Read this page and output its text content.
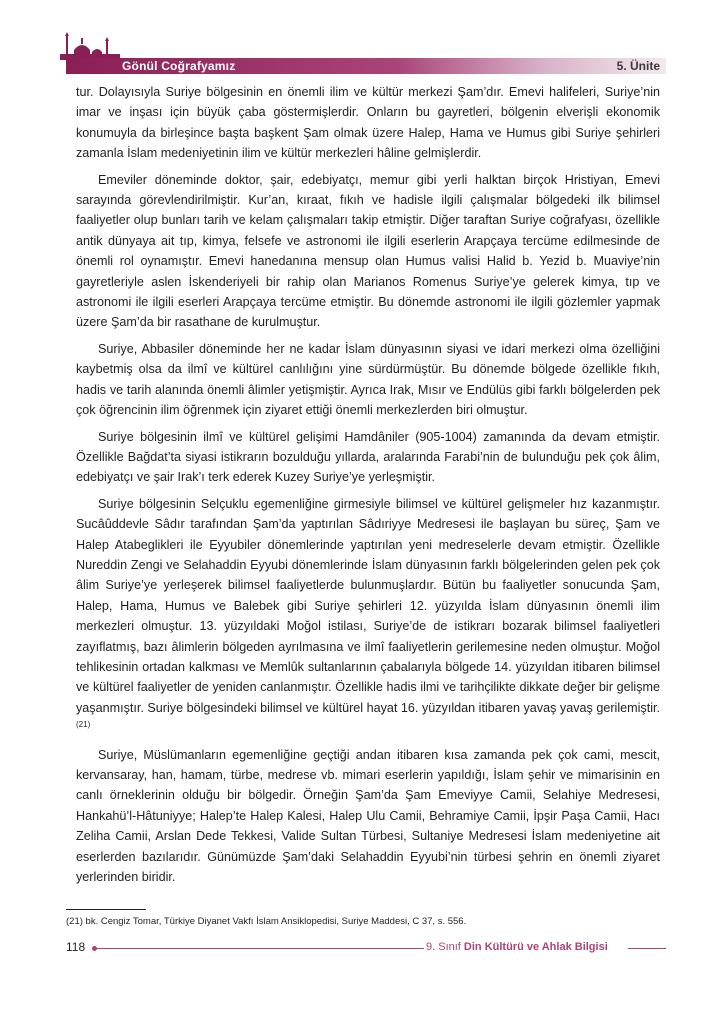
Gönül Coğrafyamız	5. Ünite

tur. Dolayısıyla Suriye bölgesinin en önemli ilim ve kültür merkezi Şam’dır. Emevi halifeleri, Suriye’nin imar ve inşası için büyük çaba göstermişlerdir. Onların bu gayretleri, bölgenin elverişli ekonomik konumuyla da birleşince başta başkent Şam olmak üzere Halep, Hama ve Humus gibi Suriye şehirleri zamanla İslam medeniyetinin ilim ve kültür merkezleri hâline gelmişlerdir.

Emeviler döneminde doktor, şair, edebiyatçı, memur gibi yerli halktan birçok Hristiyan, Emevi sarayında görevlendirilmiştir. Kur’an, kıraat, fıkıh ve hadisle ilgili çalışmalar bölgedeki ilk bilimsel faaliyetler olup bunları tarih ve kelam çalışmaları takip etmiştir. Diğer taraftan Suriye coğrafyası, özellikle antik dünyaya ait tıp, kimya, felsefe ve astronomi ile ilgili eserlerin Arapçaya tercüme edilmesinde de önemli rol oynamıştır. Emevi hanedanına mensup olan Humus valisi Halid b. Yezid b. Muaviye’nin gayretleriyle aslen İskenderiyeli bir rahip olan Marianos Romenus Suriye’ye gelerek kimya, tıp ve astronomi ile ilgili eserleri Arapçaya tercüme etmiştir. Bu dönemde astronomi ile ilgili gözlemler yapmak üzere Şam’da bir rasathane de kurulmuştur.

Suriye, Abbasiler döneminde her ne kadar İslam dünyasının siyasi ve idari merkezi olma özelliğini kaybetmiş olsa da ilmî ve kültürel canlılığını yine sürdürmüştür. Bu dönemde bölgede özellikle fıkıh, hadis ve tarih alanında önemli âlimler yetişmiştir. Ayrıca Irak, Mısır ve Endülüs gibi farklı bölgelerden pek çok öğrencinin ilim öğrenmek için ziyaret ettiği önemli merkezlerden biri olmuştur.

Suriye bölgesinin ilmî ve kültürel gelişimi Hamdâniler (905-1004) zamanında da devam etmiştir. Özellikle Bağdat’ta siyasi istikrarın bozulduğu yıllarda, aralarında Farabi’nin de bulunduğu pek çok âlim, edebiyatçı ve şair Irak’ı terk ederek Kuzey Suriye’ye yerleşmiştir.

Suriye bölgesinin Selçuklu egemenliğine girmesiyle bilimsel ve kültürel gelişmeler hız kazanmıştır. Sucâûddevle Sâdır tarafından Şam’da yaptırılan Sâdıriyye Medresesi ile başlayan bu süreç, Şam ve Halep Atabeglikleri ile Eyyubiler dönemlerinde yaptırılan yeni medreselerle devam etmiştir. Özellikle Nureddin Zengi ve Selahaddin Eyyubi dönemlerinde İslam dünyasının farklı bölgelerinden gelen pek çok âlim Suriye’ye yerleşerek bilimsel faaliyetlerde bulunmuşlardır. Bütün bu faaliyetler sonucunda Şam, Halep, Hama, Humus ve Balebek gibi Suriye şehirleri 12. yüzyılda İslam dünyasının önemli ilim merkezleri olmuştur. 13. yüzyıldaki Moğol istilası, Suriye’de de istikrarı bozarak bilimsel faaliyetleri zayıflatmış, bazı âlimlerin bölgeden ayrılmasına ve ilmî faaliyetlerin gerilemesine neden olmuştur. Moğol tehlikesinin ortadan kalkması ve Memlûk sultanlarının çabalarıyla bölgede 14. yüzyıldan itibaren bilimsel ve kültürel faaliyetler de yeniden canlanmıştır. Özellikle hadis ilmi ve tarihçilikte dikkate değer bir gelişme yaşanmıştır. Suriye bölgesindeki bilimsel ve kültürel hayat 16. yüzyıldan itibaren yavaş yavaş gerilemiştir.$^{(21)}$

Suriye, Müslümanların egemenliğine geçtiği andan itibaren kısa zamanda pek çok cami, mescit, kervansaray, han, hamam, türbe, medrese vb. mimari eserlerin yapıldığı, İslam şehir ve mimarisinin en canlı örneklerinin olduğu bir bölgedir. Örneğin Şam’da Şam Emeviyye Camii, Selahiye Medresesi, Hankahü’l-Hâtuniyye; Halep’te Halep Kalesi, Halep Ulu Camii, Behramiye Camii, İpşir Paşa Camii, Hacı Zeliha Camii, Arslan Dede Tekkesi, Valide Sultan Türbesi, Sultaniye Medresesi İslam medeniyetine ait eserlerden bazılarıdır. Günümüzde Şam’daki Selahaddin Eyyubi’nin türbesi şehrin en önemli ziyaret yerlerinden biridir.

(21) bk. Cengiz Tomar, Türkiye Diyanet Vakfı İslam Ansiklopedisi, Suriye Maddesi, C 37, s. 556.
118	9. Sınıf Din Kültürü ve Ahlak Bilgisi
